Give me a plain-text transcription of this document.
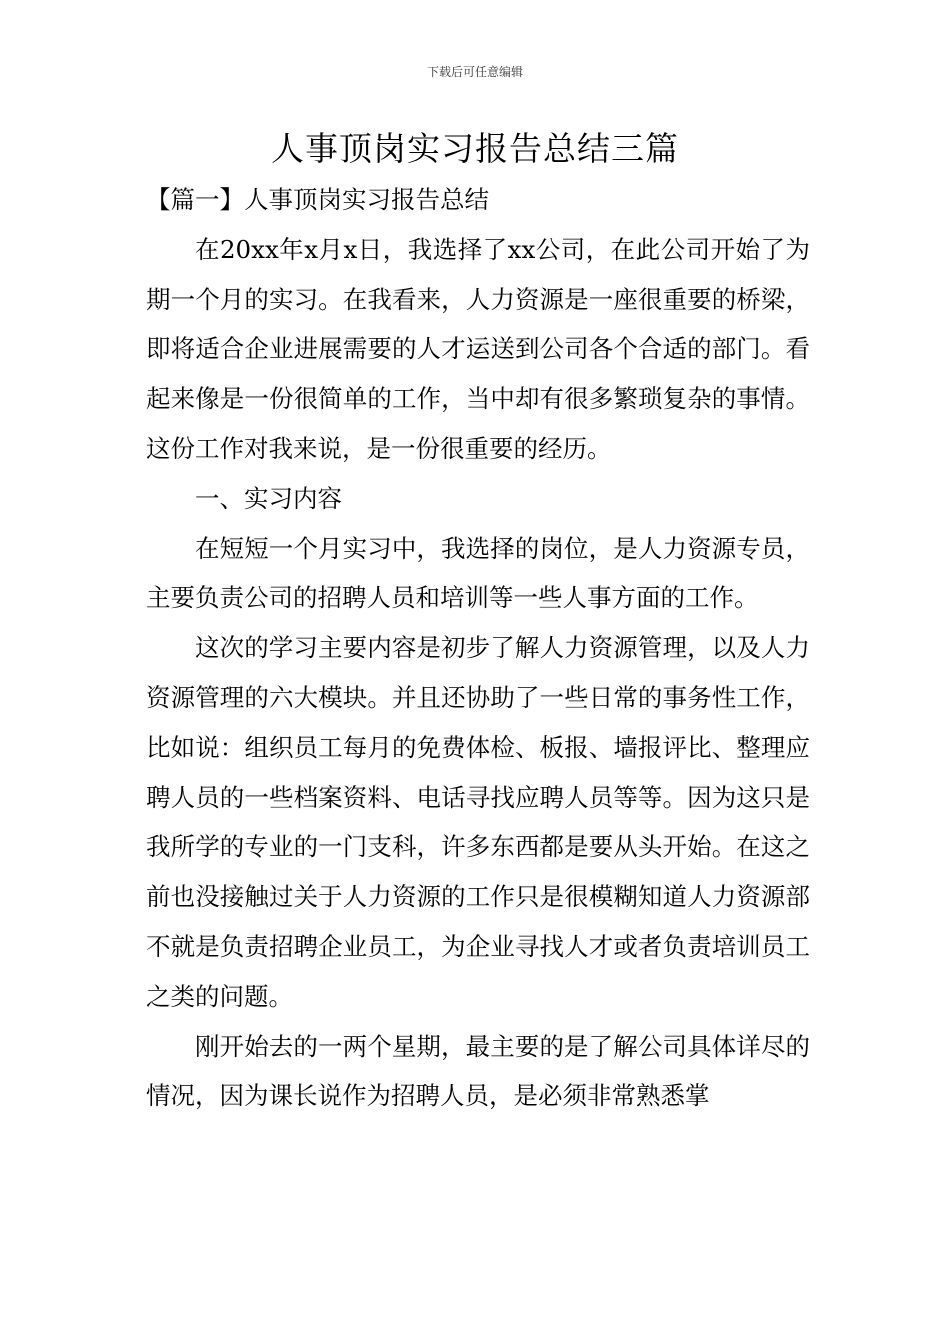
下载后可任意编辑
人事顶岗实习报告总结三篇

【篇一】人事顶岗实习报告总结

在20xx年x月x日，我选择了xx公司，在此公司开始了为期一个月的实习。在我看来，人力资源是一座很重要的桥梁，即将适合企业进展需要的人才运送到公司各个合适的部门。看起来像是一份很简单的工作，当中却有很多繁琐复杂的事情。这份工作对我来说，是一份很重要的经历。

一、实习内容

在短短一个月实习中，我选择的岗位，是人力资源专员，主要负责公司的招聘人员和培训等一些人事方面的工作。

这次的学习主要内容是初步了解人力资源管理，以及人力资源管理的六大模块。并且还协助了一些日常的事务性工作，比如说：组织员工每月的免费体检、板报、墙报评比、整理应聘人员的一些档案资料、电话寻找应聘人员等等。因为这只是我所学的专业的一门支科，许多东西都是要从头开始。在这之前也没接触过关于人力资源的工作只是很模糊知道人力资源部不就是负责招聘企业员工，为企业寻找人才或者负责培训员工之类的问题。

刚开始去的一两个星期，最主要的是了解公司具体详尽的情况，因为课长说作为招聘人员，是必须非常熟悉掌
